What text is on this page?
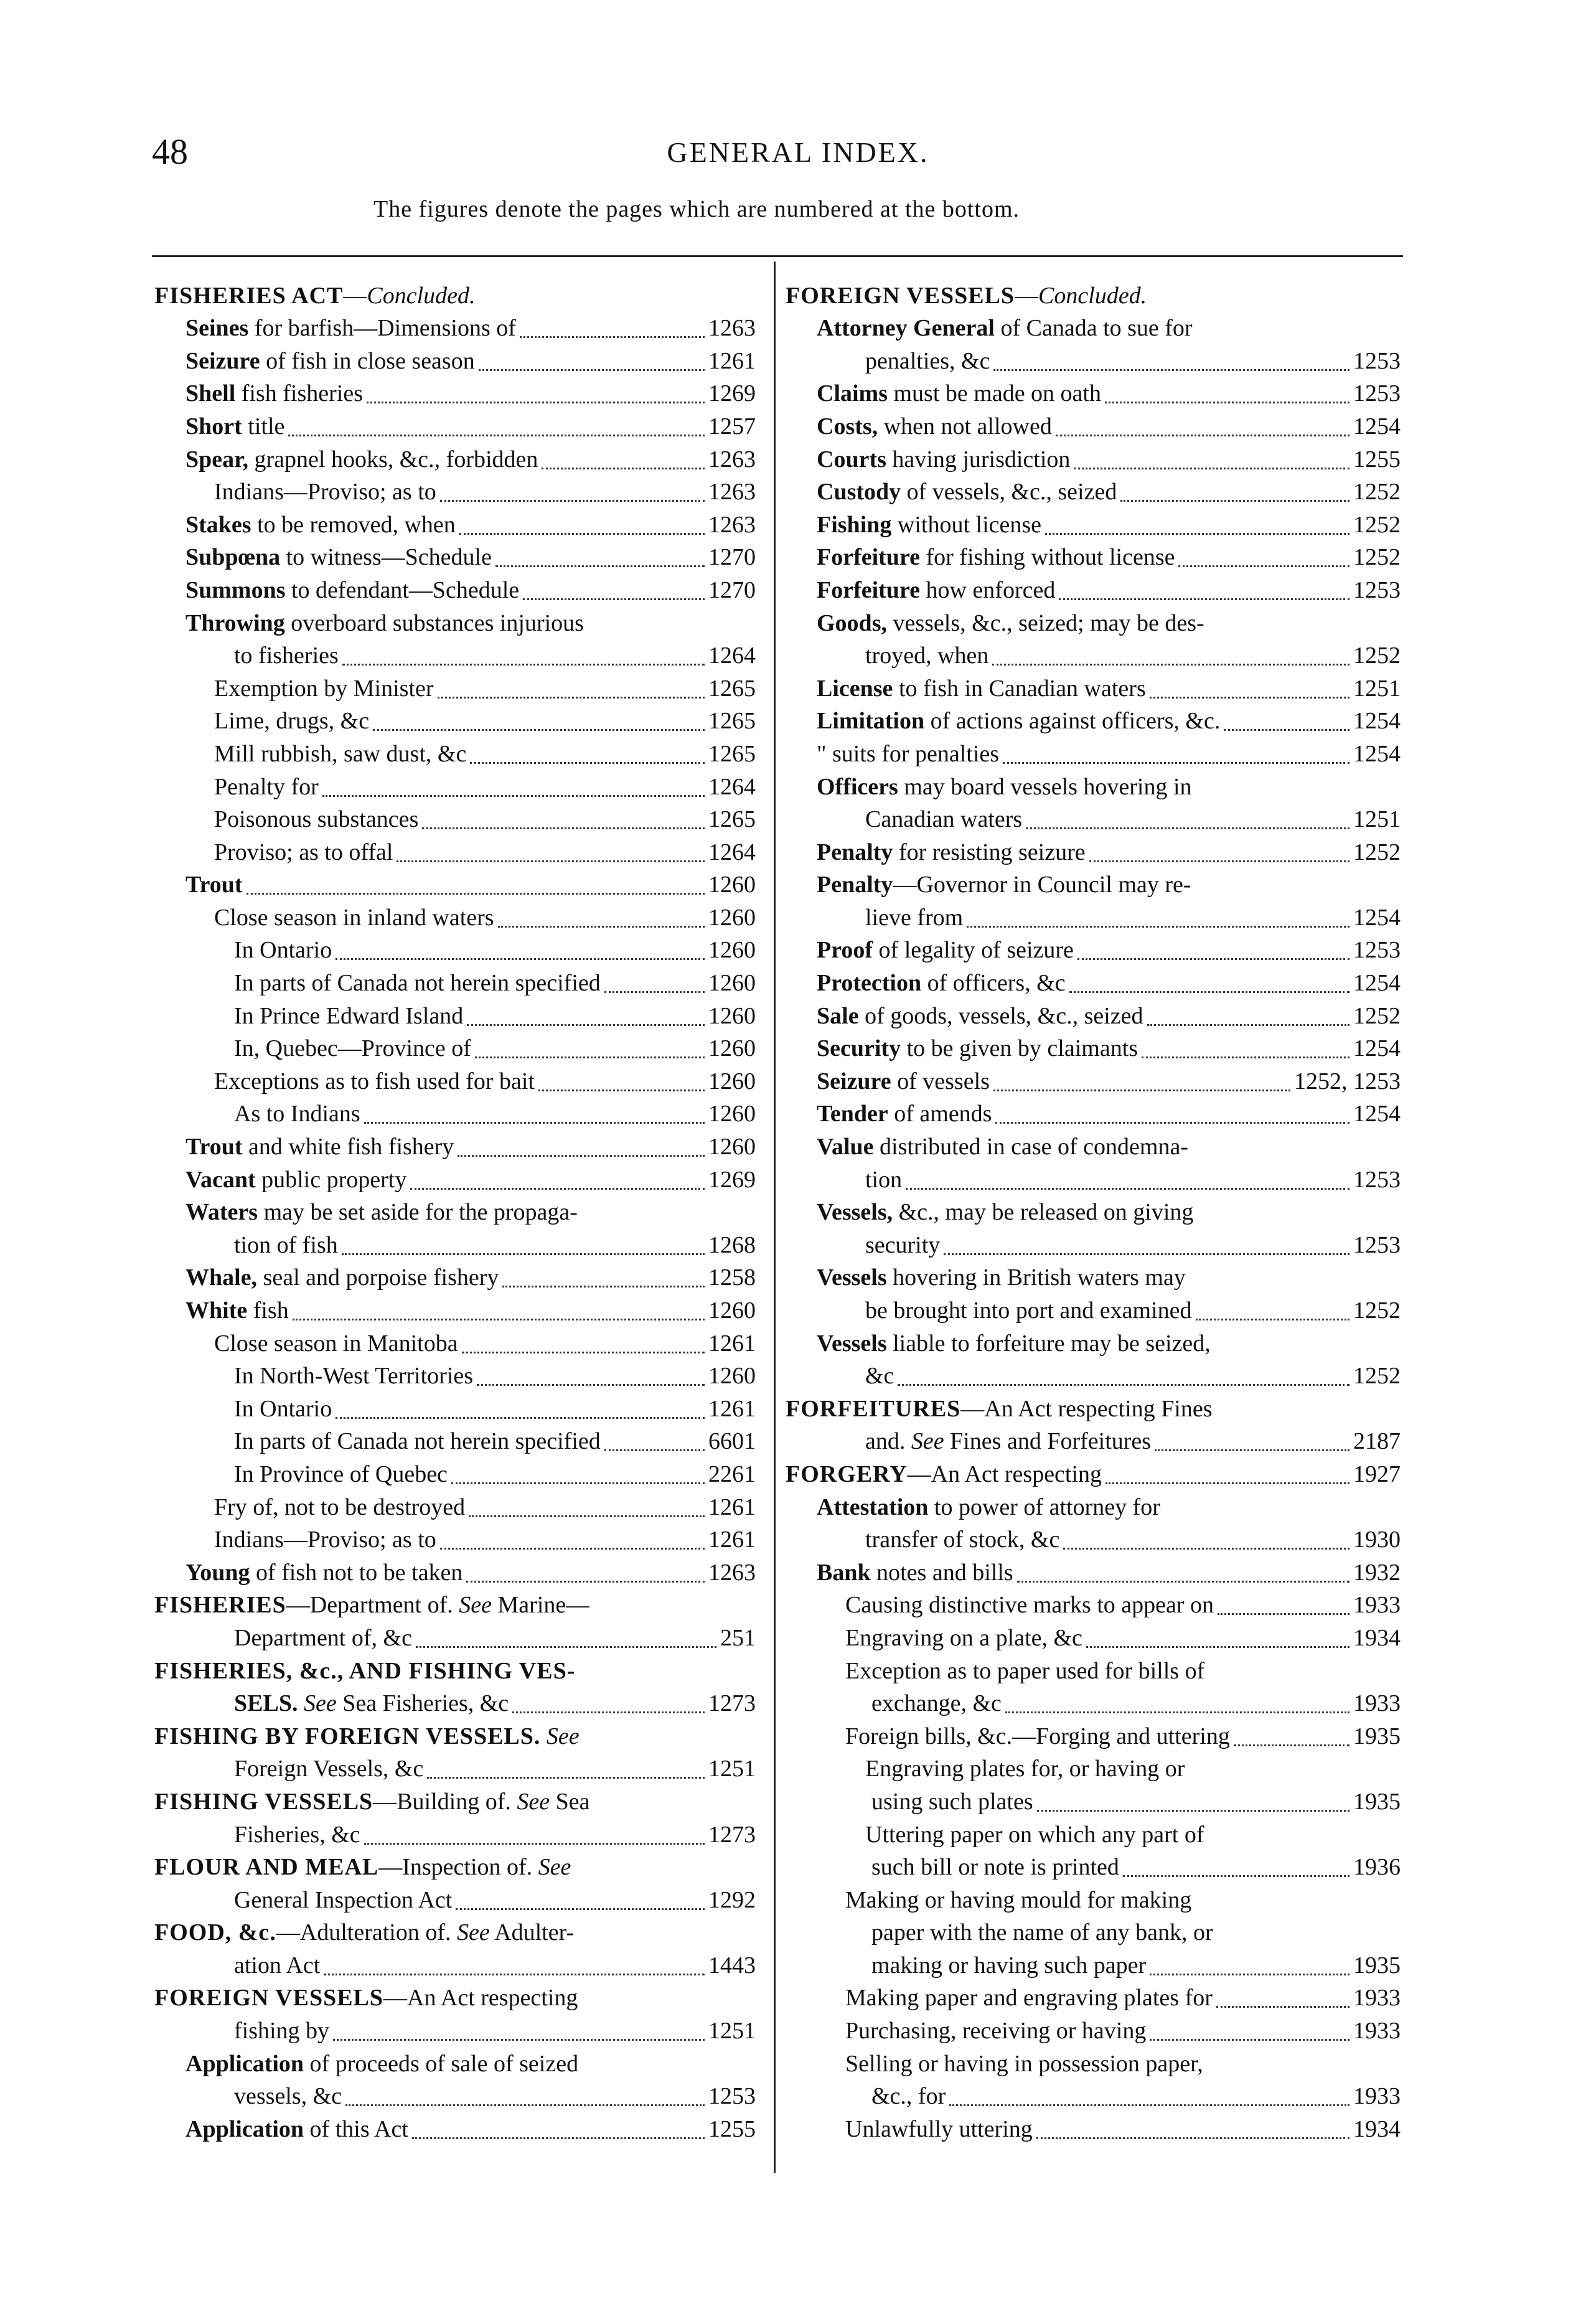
48	GENERAL INDEX.
The figures denote the pages which are numbered at the bottom.
FISHERIES ACT—Concluded.
Seines for barfish—Dimensions of	1263
Seizure of fish in close season	1261
Shell fish fisheries	1269
Short title	1257
Spear, grapnel hooks, &c., forbidden	1263
Indians—Proviso; as to	1263
Stakes to be removed, when	1263
Subpœna to witness—Schedule	1270
Summons to defendant—Schedule	1270
Throwing overboard substances injurious
to fisheries	1264
Exemption by Minister	1265
Lime, drugs, &c	1265
Mill rubbish, saw dust, &c	1265
Penalty for	1264
Poisonous substances	1265
Proviso; as to offal	1264
Trout	1260
Close season in inland waters	1260
In Ontario	1260
In parts of Canada not herein specified	1260
In Prince Edward Island	1260
In, Quebec—Province of	1260
Exceptions as to fish used for bait	1260
As to Indians	1260
Trout and white fish fishery	1260
Vacant public property	1269
Waters may be set aside for the propaga-
tion of fish	1268
Whale, seal and porpoise fishery	1258
White fish	1260
Close season in Manitoba	1261
In North-West Territories	1260
In Ontario	1261
In parts of Canada not herein specified	6601
In Province of Quebec	2261
Fry of, not to be destroyed	1261
Indians—Proviso; as to	1261
Young of fish not to be taken	1263
FISHERIES—Department of. See Marine—
Department of, &c	251
FISHERIES, &c., AND FISHING VES-
SELS. See Sea Fisheries, &c	1273
FISHING BY FOREIGN VESSELS. See
Foreign Vessels, &c	1251
FISHING VESSELS—Building of. See Sea
Fisheries, &c	1273
FLOUR AND MEAL—Inspection of. See
General Inspection Act	1292
FOOD, &c.—Adulteration of. See Adulter-
ation Act	1443
FOREIGN VESSELS—An Act respecting
fishing by	1251
Application of proceeds of sale of seized
vessels, &c	1253
Application of this Act	1255
FOREIGN VESSELS—Concluded.
Attorney General of Canada to sue for
penalties, &c	1253
Claims must be made on oath	1253
Costs, when not allowed	1254
Courts having jurisdiction	1255
Custody of vessels, &c., seized	1252
Fishing without license	1252
Forfeiture for fishing without license	1252
Forfeiture how enforced	1253
Goods, vessels, &c., seized; may be des-
troyed, when	1252
License to fish in Canadian waters	1251
Limitation of actions against officers, &c.	1254
" suits for penalties	1254
Officers may board vessels hovering in
Canadian waters	1251
Penalty for resisting seizure	1252
Penalty—Governor in Council may re-
lieve from	1254
Proof of legality of seizure	1253
Protection of officers, &c	1254
Sale of goods, vessels, &c., seized	1252
Security to be given by claimants	1254
Seizure of vessels	1252, 1253
Tender of amends	1254
Value distributed in case of condemna-
tion	1253
Vessels, &c., may be released on giving
security	1253
Vessels hovering in British waters may
be brought into port and examined	1252
Vessels liable to forfeiture may be seized,
&c	1252
FORFEITURES—An Act respecting Fines
and. See Fines and Forfeitures	2187
FORGERY—An Act respecting	1927
Attestation to power of attorney for
transfer of stock, &c	1930
Bank notes and bills	1932
Causing distinctive marks to appear on	1933
Engraving on a plate, &c	1934
Exception as to paper used for bills of
exchange, &c	1933
Foreign bills, &c.—Forging and uttering	1935
Engraving plates for, or having or
using such plates	1935
Uttering paper on which any part of
such bill or note is printed	1936
Making or having mould for making
paper with the name of any bank, or
making or having such paper	1935
Making paper and engraving plates for	1933
Purchasing, receiving or having	1933
Selling or having in possession paper,
&c., for	1933
Unlawfully uttering	1934
